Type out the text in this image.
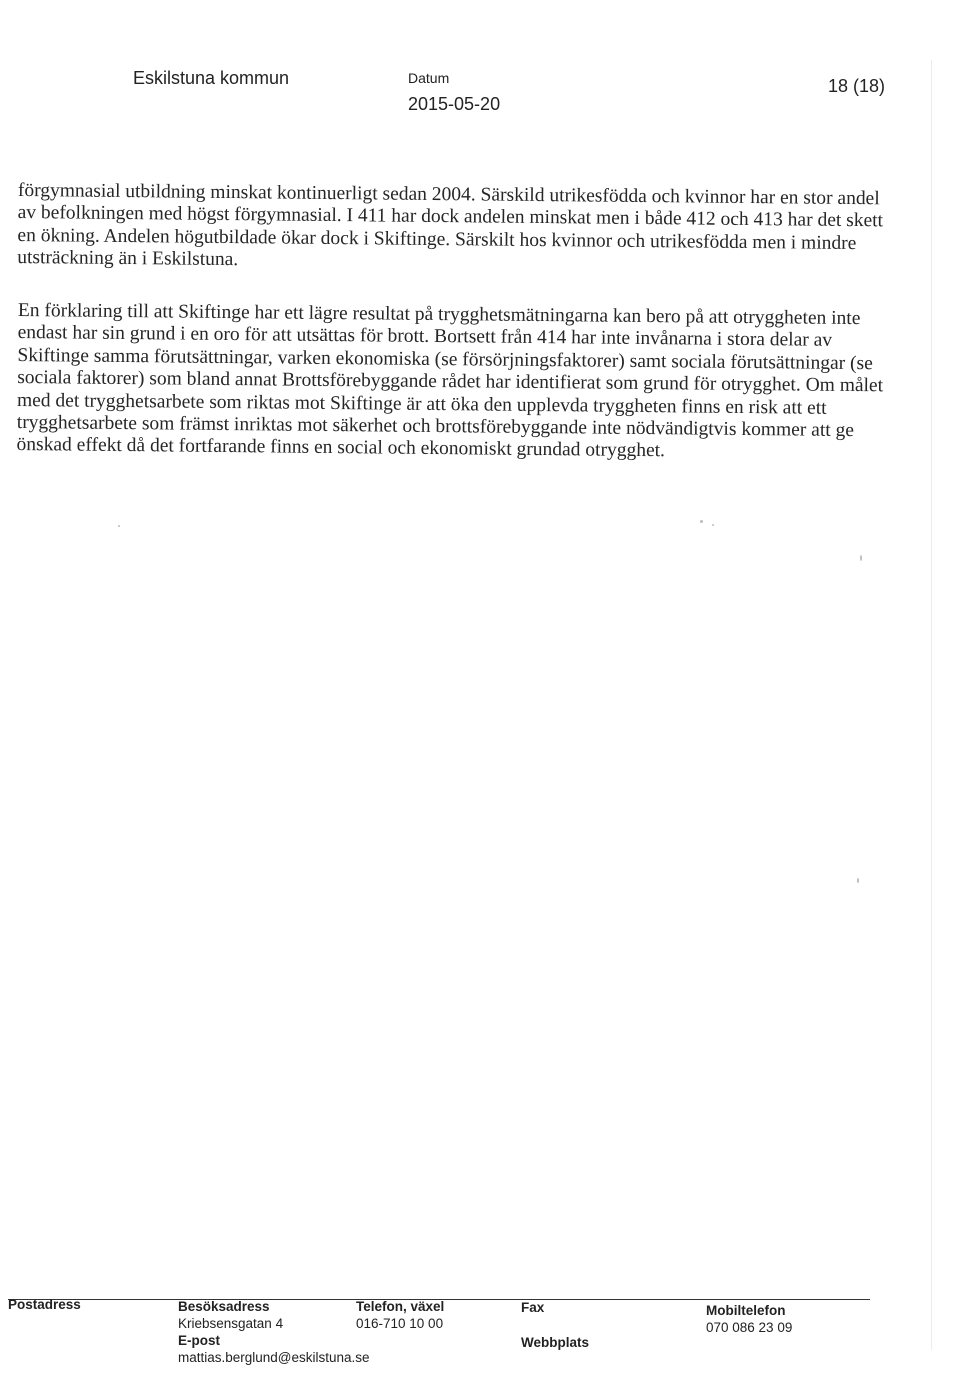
Eskilstuna kommun	Datum
2015-05-20
18 (18)

förgymnasial utbildning minskat kontinuerligt sedan 2004. Särskild utrikesfödda och kvinnor har en stor andel av befolkningen med högst förgymnasial. I 411 har dock andelen minskat men i både 412 och 413 har det skett en ökning. Andelen högutbildade ökar dock i Skiftinge. Särskilt hos kvinnor och utrikesfödda men i mindre utsträckning än i Eskilstuna.

En förklaring till att Skiftinge har ett lägre resultat på trygghetsmätningarna kan bero på att otryggheten inte endast har sin grund i en oro för att utsättas för brott. Bortsett från 414 har inte invånarna i stora delar av Skiftinge samma förutsättningar, varken ekonomiska (se försörjningsfaktorer) samt sociala förutsättningar (se sociala faktorer) som bland annat Brottsförebyggande rådet har identifierat som grund för otrygghet. Om målet med det trygghetsarbete som riktas mot Skiftinge är att öka den upplevda tryggheten finns en risk att ett trygghetsarbete som främst inriktas mot säkerhet och brottsförebyggande inte nödvändigtvis kommer att ge önskad effekt då det fortfarande finns en social och ekonomiskt grundad otrygghet.

Postadress	Besöksadress
Kriebsensgatan 4
E-post
mattias.berglund@eskilstuna.se
Telefon, växel
016-710 10 00
Fax
Webbplats
Mobiltelefon
070 086 23 09
